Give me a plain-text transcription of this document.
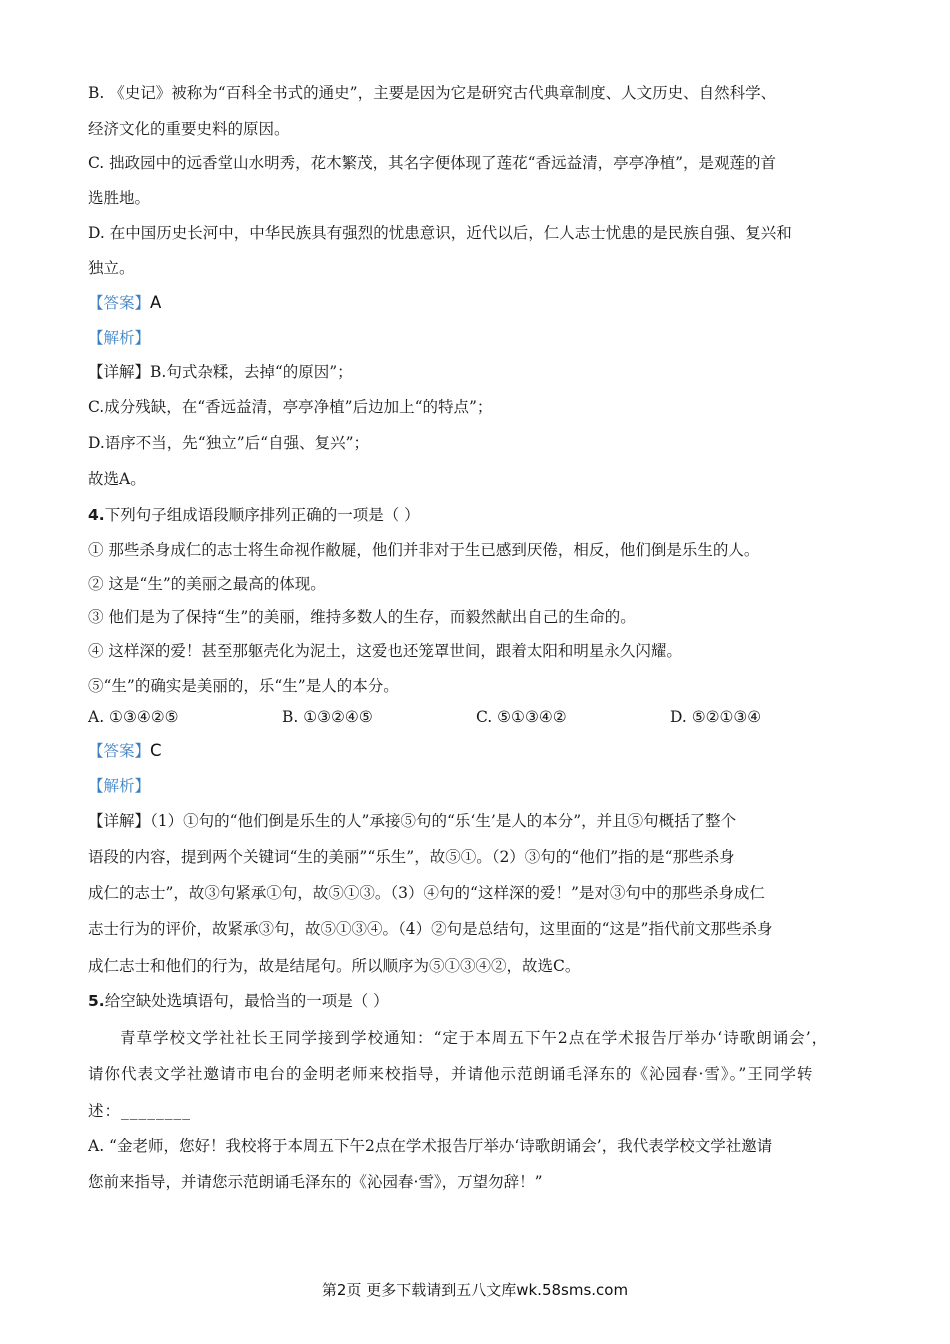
B. 《史记》被称为“百科全书式的通史”，主要是因为它是研究古代典章制度、人文历史、自然科学、
经济文化的重要史料的原因。
C. 拙政园中的远香堂山水明秀，花木繁茂，其名字便体现了莲花“香远益清，亭亭净植”，是观莲的首
选胜地。
D. 在中国历史长河中，中华民族具有强烈的忧患意识，近代以后，仁人志士忧患的是民族自强、复兴和
独立。
【答案】A
【解析】
【详解】B.句式杂糅，去掉“的原因”；
C.成分残缺，在“香远益清，亭亭净植”后边加上“的特点”；
D.语序不当，先“独立”后“自强、复兴”；
故选A。
4.下列句子组成语段顺序排列正确的一项是（ ）
① 那些杀身成仁的志士将生命视作敝屣，他们并非对于生已感到厌倦，相反，他们倒是乐生的人。
② 这是“生”的美丽之最高的体现。
③ 他们是为了保持“生”的美丽，维持多数人的生存，而毅然献出自己的生命的。
④ 这样深的爱！甚至那躯壳化为泥土，这爱也还笼罩世间，跟着太阳和明星永久闪耀。
⑤“生”的确实是美丽的，乐“生”是人的本分。
A. ①③④②⑤	B. ①③②④⑤	C. ⑤①③④②	D. ⑤②①③④
【答案】C
【解析】
【详解】（1）①句的“他们倒是乐生的人”承接⑤句的“乐‘生’是人的本分”，并且⑤句概括了整个
语段的内容，提到两个关键词“生的美丽”“乐生”，故⑤①。（2）③句的“他们”指的是“那些杀身
成仁的志士”，故③句紧承①句，故⑤①③。（3）④句的“这样深的爱！”是对③句中的那些杀身成仁
志士行为的评价，故紧承③句，故⑤①③④。（4）②句是总结句，这里面的“这是”指代前文那些杀身
成仁志士和他们的行为，故是结尾句。所以顺序为⑤①③④②，故选C。
5.给空缺处选填语句，最恰当的一项是（ ）
青草学校文学社社长王同学接到学校通知：“定于本周五下午2点在学术报告厅举办‘诗歌朗诵会’，
请你代表文学社邀请市电台的金明老师来校指导，并请他示范朗诵毛泽东的《沁园春·雪》。”王同学转
述：________
A. “金老师，您好！我校将于本周五下午2点在学术报告厅举办‘诗歌朗诵会’，我代表学校文学社邀请
您前来指导，并请您示范朗诵毛泽东的《沁园春·雪》，万望勿辞！”
第2页 更多下载请到五八文库wk.58sms.com
